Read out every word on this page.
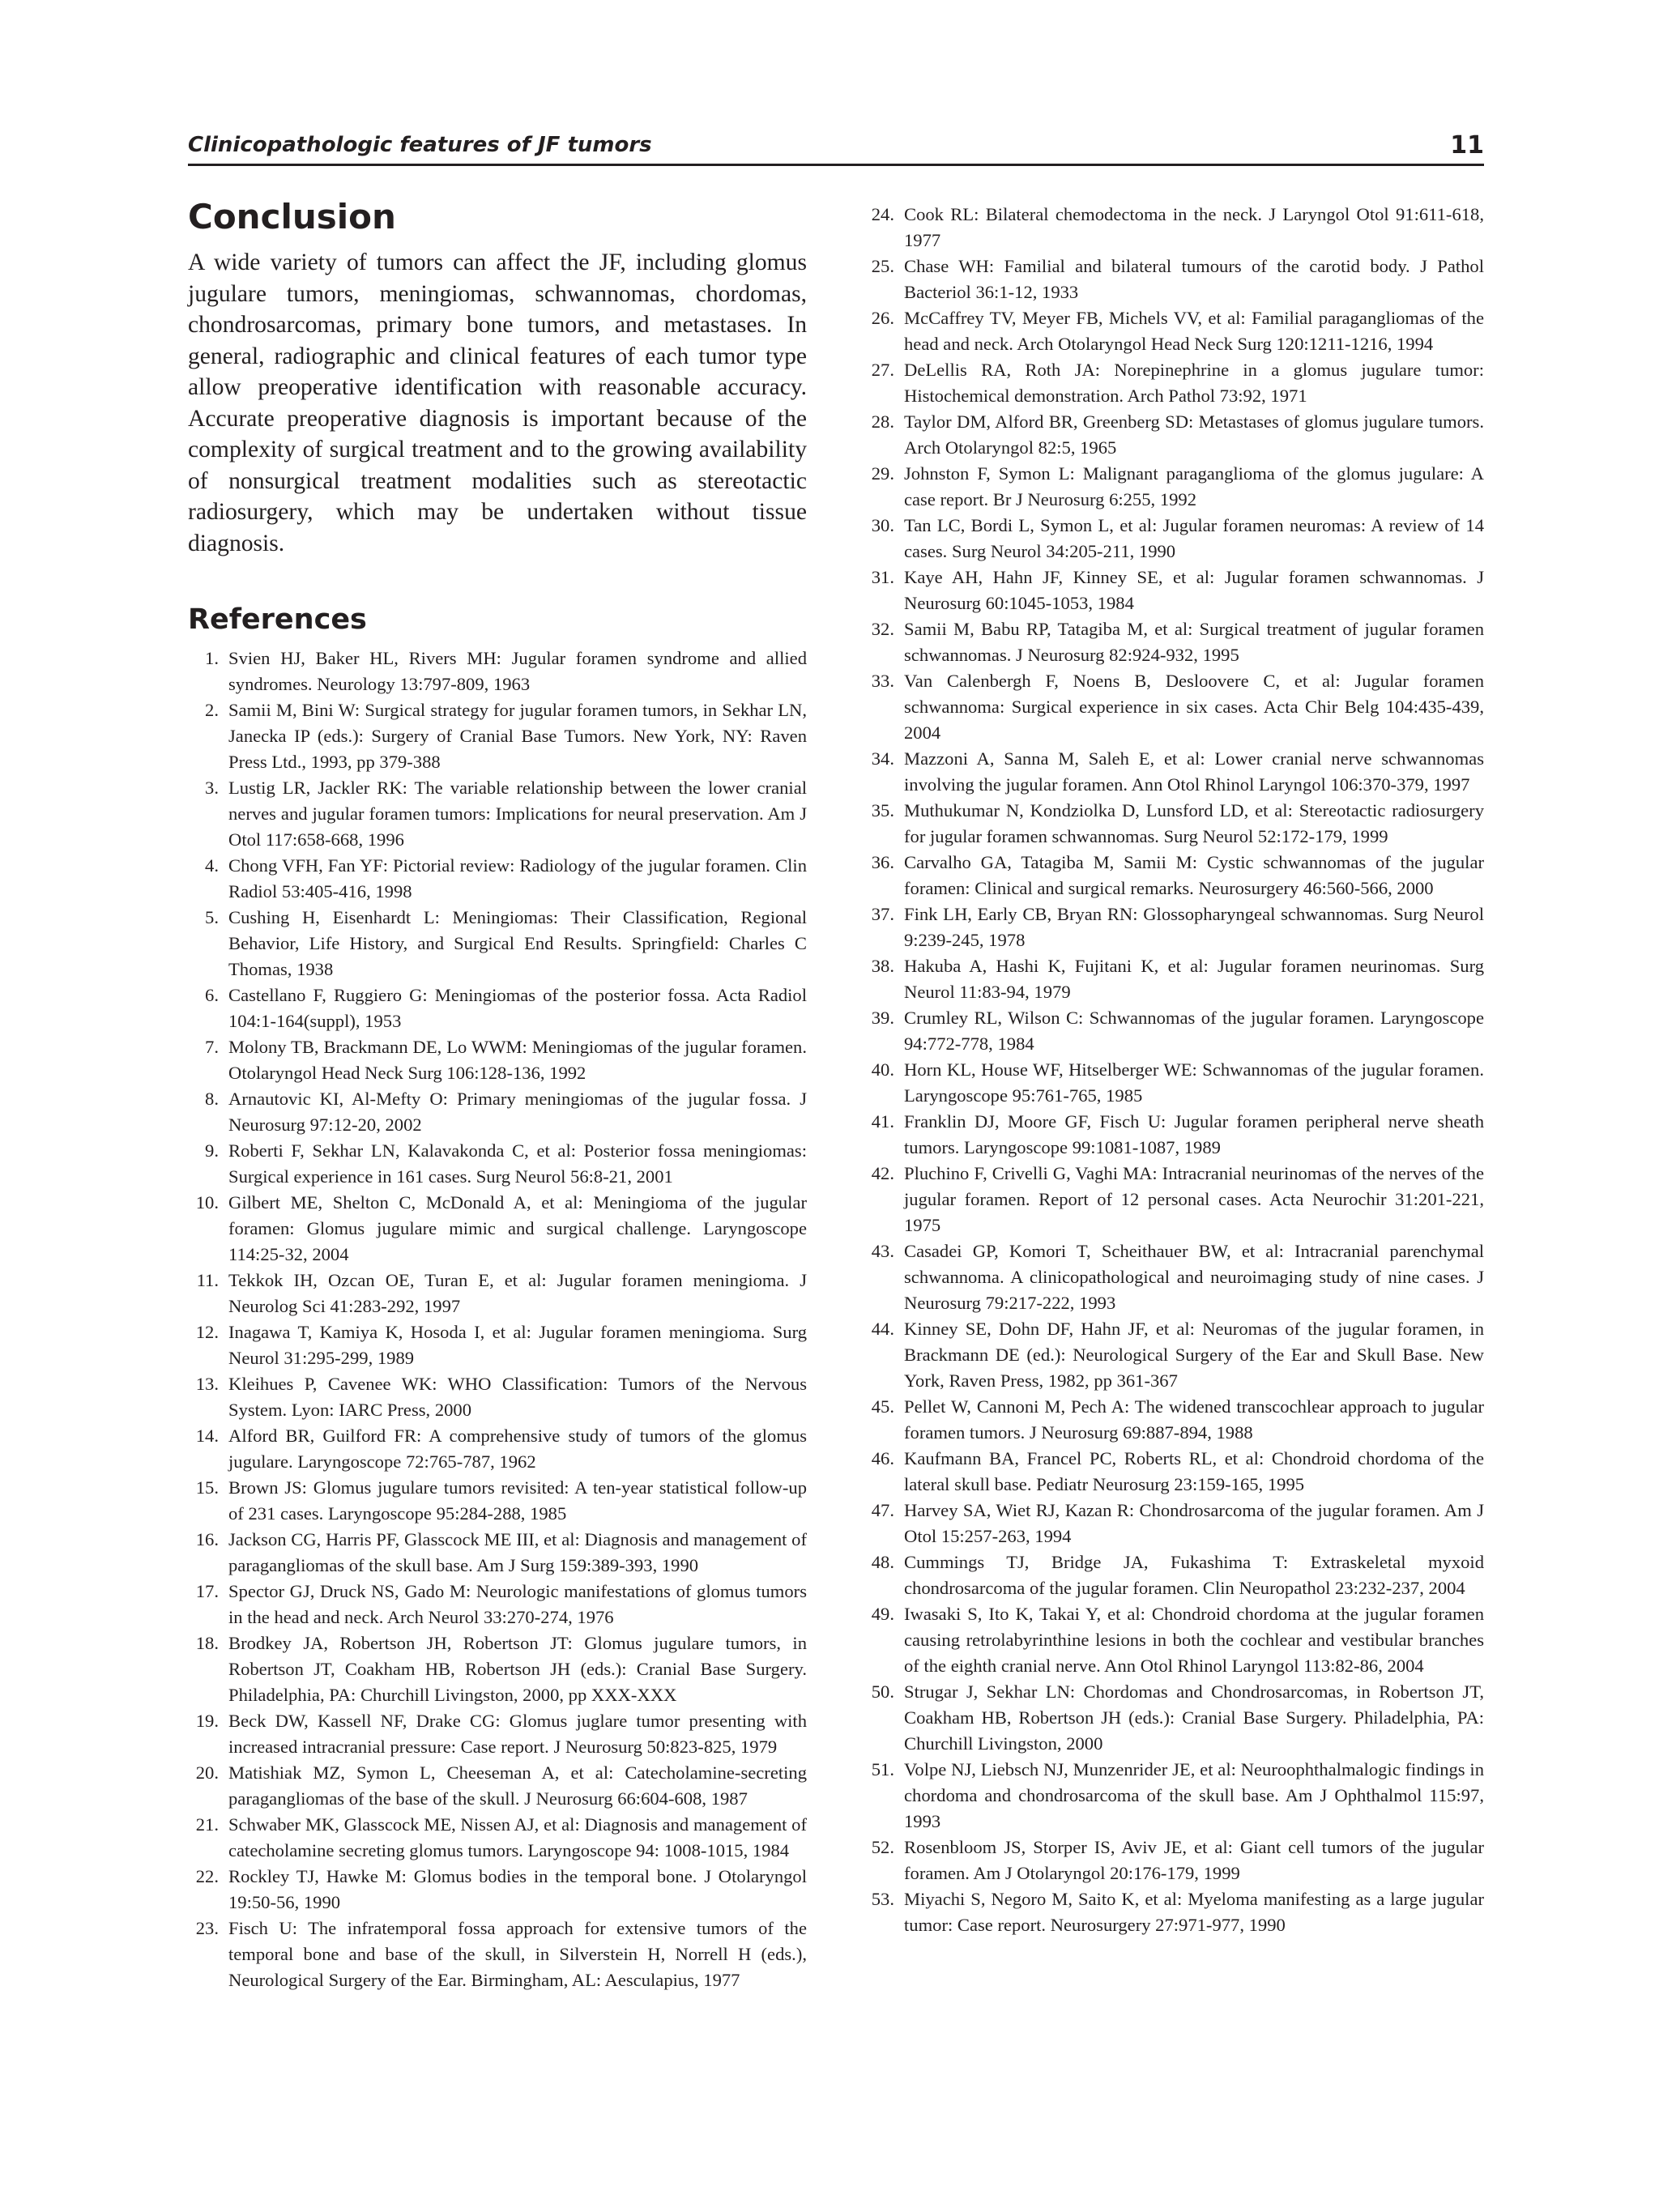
Clinicopathologic features of JF tumors	11
Conclusion

A wide variety of tumors can affect the JF, including glomus jugulare tumors, meningiomas, schwannomas, chordomas, chondrosarcomas, primary bone tumors, and metastases. In general, radiographic and clinical features of each tumor type allow preoperative identification with reasonable accuracy. Accurate preoperative diagnosis is important because of the complexity of surgical treatment and to the growing availability of nonsurgical treatment modalities such as stereotactic radiosurgery, which may be undertaken without tissue diagnosis.

References
1. Svien HJ, Baker HL, Rivers MH: Jugular foramen syndrome and allied syndromes. Neurology 13:797-809, 1963
2. Samii M, Bini W: Surgical strategy for jugular foramen tumors, in Sekhar LN, Janecka IP (eds.): Surgery of Cranial Base Tumors. New York, NY: Raven Press Ltd., 1993, pp 379-388
3. Lustig LR, Jackler RK: The variable relationship between the lower cranial nerves and jugular foramen tumors: Implications for neural preservation. Am J Otol 117:658-668, 1996
4. Chong VFH, Fan YF: Pictorial review: Radiology of the jugular foramen. Clin Radiol 53:405-416, 1998
5. Cushing H, Eisenhardt L: Meningiomas: Their Classification, Regional Behavior, Life History, and Surgical End Results. Springfield: Charles C Thomas, 1938
6. Castellano F, Ruggiero G: Meningiomas of the posterior fossa. Acta Radiol 104:1-164(suppl), 1953
7. Molony TB, Brackmann DE, Lo WWM: Meningiomas of the jugular foramen. Otolaryngol Head Neck Surg 106:128-136, 1992
8. Arnautovic KI, Al-Mefty O: Primary meningiomas of the jugular fossa. J Neurosurg 97:12-20, 2002
9. Roberti F, Sekhar LN, Kalavakonda C, et al: Posterior fossa meningiomas: Surgical experience in 161 cases. Surg Neurol 56:8-21, 2001
10. Gilbert ME, Shelton C, McDonald A, et al: Meningioma of the jugular foramen: Glomus jugulare mimic and surgical challenge. Laryngoscope 114:25-32, 2004
11. Tekkok IH, Ozcan OE, Turan E, et al: Jugular foramen meningioma. J Neurolog Sci 41:283-292, 1997
12. Inagawa T, Kamiya K, Hosoda I, et al: Jugular foramen meningioma. Surg Neurol 31:295-299, 1989
13. Kleihues P, Cavenee WK: WHO Classification: Tumors of the Nervous System. Lyon: IARC Press, 2000
14. Alford BR, Guilford FR: A comprehensive study of tumors of the glomus jugulare. Laryngoscope 72:765-787, 1962
15. Brown JS: Glomus jugulare tumors revisited: A ten-year statistical follow-up of 231 cases. Laryngoscope 95:284-288, 1985
16. Jackson CG, Harris PF, Glasscock ME III, et al: Diagnosis and management of paragangliomas of the skull base. Am J Surg 159:389-393, 1990
17. Spector GJ, Druck NS, Gado M: Neurologic manifestations of glomus tumors in the head and neck. Arch Neurol 33:270-274, 1976
18. Brodkey JA, Robertson JH, Robertson JT: Glomus jugulare tumors, in Robertson JT, Coakham HB, Robertson JH (eds.): Cranial Base Surgery. Philadelphia, PA: Churchill Livingston, 2000, pp XXX-XXX
19. Beck DW, Kassell NF, Drake CG: Glomus juglare tumor presenting with increased intracranial pressure: Case report. J Neurosurg 50:823-825, 1979
20. Matishiak MZ, Symon L, Cheeseman A, et al: Catecholamine-secreting paragangliomas of the base of the skull. J Neurosurg 66:604-608, 1987
21. Schwaber MK, Glasscock ME, Nissen AJ, et al: Diagnosis and management of catecholamine secreting glomus tumors. Laryngoscope 94: 1008-1015, 1984
22. Rockley TJ, Hawke M: Glomus bodies in the temporal bone. J Otolaryngol 19:50-56, 1990
23. Fisch U: The infratemporal fossa approach for extensive tumors of the temporal bone and base of the skull, in Silverstein H, Norrell H (eds.), Neurological Surgery of the Ear. Birmingham, AL: Aesculapius, 1977
24. Cook RL: Bilateral chemodectoma in the neck. J Laryngol Otol 91:611-618, 1977
25. Chase WH: Familial and bilateral tumours of the carotid body. J Pathol Bacteriol 36:1-12, 1933
26. McCaffrey TV, Meyer FB, Michels VV, et al: Familial paragangliomas of the head and neck. Arch Otolaryngol Head Neck Surg 120:1211-1216, 1994
27. DeLellis RA, Roth JA: Norepinephrine in a glomus jugulare tumor: Histochemical demonstration. Arch Pathol 73:92, 1971
28. Taylor DM, Alford BR, Greenberg SD: Metastases of glomus jugulare tumors. Arch Otolaryngol 82:5, 1965
29. Johnston F, Symon L: Malignant paraganglioma of the glomus jugulare: A case report. Br J Neurosurg 6:255, 1992
30. Tan LC, Bordi L, Symon L, et al: Jugular foramen neuromas: A review of 14 cases. Surg Neurol 34:205-211, 1990
31. Kaye AH, Hahn JF, Kinney SE, et al: Jugular foramen schwannomas. J Neurosurg 60:1045-1053, 1984
32. Samii M, Babu RP, Tatagiba M, et al: Surgical treatment of jugular foramen schwannomas. J Neurosurg 82:924-932, 1995
33. Van Calenbergh F, Noens B, Desloovere C, et al: Jugular foramen schwannoma: Surgical experience in six cases. Acta Chir Belg 104:435-439, 2004
34. Mazzoni A, Sanna M, Saleh E, et al: Lower cranial nerve schwannomas involving the jugular foramen. Ann Otol Rhinol Laryngol 106:370-379, 1997
35. Muthukumar N, Kondziolka D, Lunsford LD, et al: Stereotactic radiosurgery for jugular foramen schwannomas. Surg Neurol 52:172-179, 1999
36. Carvalho GA, Tatagiba M, Samii M: Cystic schwannomas of the jugular foramen: Clinical and surgical remarks. Neurosurgery 46:560-566, 2000
37. Fink LH, Early CB, Bryan RN: Glossopharyngeal schwannomas. Surg Neurol 9:239-245, 1978
38. Hakuba A, Hashi K, Fujitani K, et al: Jugular foramen neurinomas. Surg Neurol 11:83-94, 1979
39. Crumley RL, Wilson C: Schwannomas of the jugular foramen. Laryngoscope 94:772-778, 1984
40. Horn KL, House WF, Hitselberger WE: Schwannomas of the jugular foramen. Laryngoscope 95:761-765, 1985
41. Franklin DJ, Moore GF, Fisch U: Jugular foramen peripheral nerve sheath tumors. Laryngoscope 99:1081-1087, 1989
42. Pluchino F, Crivelli G, Vaghi MA: Intracranial neurinomas of the nerves of the jugular foramen. Report of 12 personal cases. Acta Neurochir 31:201-221, 1975
43. Casadei GP, Komori T, Scheithauer BW, et al: Intracranial parenchymal schwannoma. A clinicopathological and neuroimaging study of nine cases. J Neurosurg 79:217-222, 1993
44. Kinney SE, Dohn DF, Hahn JF, et al: Neuromas of the jugular foramen, in Brackmann DE (ed.): Neurological Surgery of the Ear and Skull Base. New York, Raven Press, 1982, pp 361-367
45. Pellet W, Cannoni M, Pech A: The widened transcochlear approach to jugular foramen tumors. J Neurosurg 69:887-894, 1988
46. Kaufmann BA, Francel PC, Roberts RL, et al: Chondroid chordoma of the lateral skull base. Pediatr Neurosurg 23:159-165, 1995
47. Harvey SA, Wiet RJ, Kazan R: Chondrosarcoma of the jugular foramen. Am J Otol 15:257-263, 1994
48. Cummings TJ, Bridge JA, Fukashima T: Extraskeletal myxoid chondrosarcoma of the jugular foramen. Clin Neuropathol 23:232-237, 2004
49. Iwasaki S, Ito K, Takai Y, et al: Chondroid chordoma at the jugular foramen causing retrolabyrinthine lesions in both the cochlear and vestibular branches of the eighth cranial nerve. Ann Otol Rhinol Laryngol 113:82-86, 2004
50. Strugar J, Sekhar LN: Chordomas and Chondrosarcomas, in Robertson JT, Coakham HB, Robertson JH (eds.): Cranial Base Surgery. Philadelphia, PA: Churchill Livingston, 2000
51. Volpe NJ, Liebsch NJ, Munzenrider JE, et al: Neuroophthalmalogic findings in chordoma and chondrosarcoma of the skull base. Am J Ophthalmol 115:97, 1993
52. Rosenbloom JS, Storper IS, Aviv JE, et al: Giant cell tumors of the jugular foramen. Am J Otolaryngol 20:176-179, 1999
53. Miyachi S, Negoro M, Saito K, et al: Myeloma manifesting as a large jugular tumor: Case report. Neurosurgery 27:971-977, 1990
